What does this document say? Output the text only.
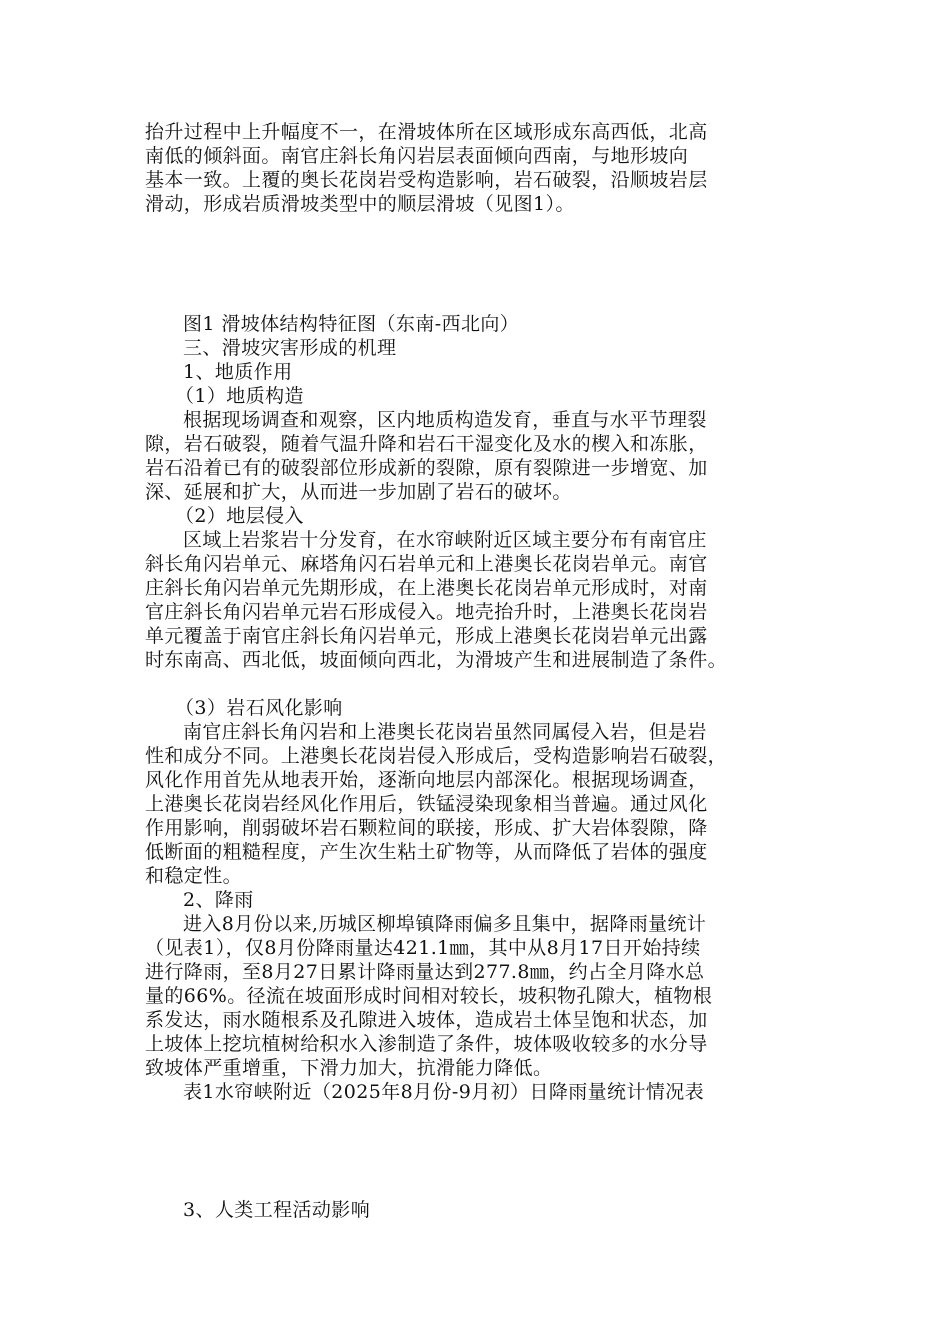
抬升过程中上升幅度不一，在滑坡体所在区域形成东高西低，北高
南低的倾斜面。南官庄斜长角闪岩层表面倾向西南，与地形坡向
基本一致。上覆的奥长花岗岩受构造影响，岩石破裂，沿顺坡岩层
滑动，形成岩质滑坡类型中的顺层滑坡（见图1）。
图1 滑坡体结构特征图（东南-西北向）
三、滑坡灾害形成的机理
1、地质作用
（1）地质构造
根据现场调查和观察，区内地质构造发育，垂直与水平节理裂
隙，岩石破裂，随着气温升降和岩石干湿变化及水的楔入和冻胀，
岩石沿着已有的破裂部位形成新的裂隙，原有裂隙进一步增宽、加
深、延展和扩大，从而进一步加剧了岩石的破坏。
（2）地层侵入
区域上岩浆岩十分发育，在水帘峡附近区域主要分布有南官庄
斜长角闪岩单元、麻塔角闪石岩单元和上港奥长花岗岩单元。南官
庄斜长角闪岩单元先期形成，在上港奥长花岗岩单元形成时，对南
官庄斜长角闪岩单元岩石形成侵入。地壳抬升时，上港奥长花岗岩
单元覆盖于南官庄斜长角闪岩单元，形成上港奥长花岗岩单元出露
时东南高、西北低，坡面倾向西北，为滑坡产生和进展制造了条件。
（3）岩石风化影响
南官庄斜长角闪岩和上港奥长花岗岩虽然同属侵入岩，但是岩
性和成分不同。上港奥长花岗岩侵入形成后，受构造影响岩石破裂，
风化作用首先从地表开始，逐渐向地层内部深化。根据现场调查，
上港奥长花岗岩经风化作用后，铁锰浸染现象相当普遍。通过风化
作用影响，削弱破坏岩石颗粒间的联接，形成、扩大岩体裂隙，降
低断面的粗糙程度，产生次生粘土矿物等，从而降低了岩体的强度
和稳定性。
2、降雨
进入8月份以来,历城区柳埠镇降雨偏多且集中，据降雨量统计
（见表1），仅8月份降雨量达421.1㎜，其中从8月17日开始持续
进行降雨，至8月27日累计降雨量达到277.8㎜，约占全月降水总
量的66%。径流在坡面形成时间相对较长，坡积物孔隙大，植物根
系发达，雨水随根系及孔隙进入坡体，造成岩土体呈饱和状态，加
上坡体上挖坑植树给积水入渗制造了条件，坡体吸收较多的水分导
致坡体严重增重，下滑力加大，抗滑能力降低。
表1水帘峡附近（2025年8月份-9月初）日降雨量统计情况表
3、人类工程活动影响
